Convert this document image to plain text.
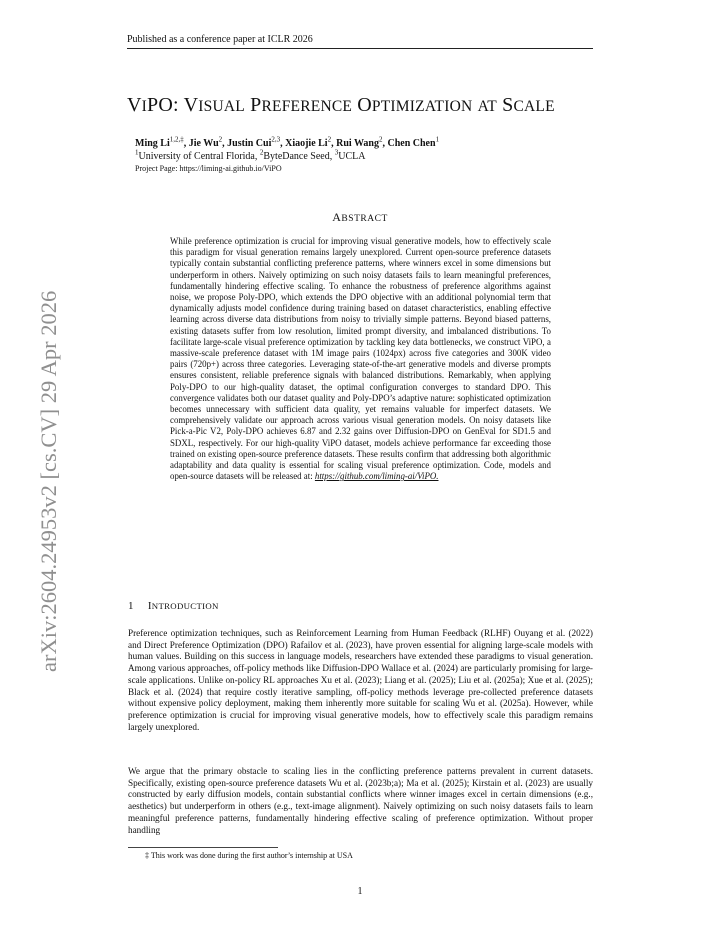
Published as a conference paper at ICLR 2026
arXiv:2604.24953v2 [cs.CV] 29 Apr 2026
VIPO: VISUAL PREFERENCE OPTIMIZATION AT SCALE
Ming $Li^{1,2,\ddagger}$, Jie Wu$^2$, Justin Cui$^{2,3}$, Xiaojie Li$^2$, Rui Wang$^2$, Chen Chen$^1$
$^1$University of Central Florida, $^2$ByteDance Seed, $^3$UCLA
Project Page: https://liming-ai.github.io/ViPO
ABSTRACT
While preference optimization is crucial for improving visual generative models, how to effectively scale this paradigm for visual generation remains largely unexplored. Current open-source preference datasets typically contain substantial conflicting preference patterns, where winners excel in some dimensions but underperform in others. Naively optimizing on such noisy datasets fails to learn meaningful preferences, fundamentally hindering effective scaling. To enhance the robustness of preference algorithms against noise, we propose Poly-DPO, which extends the DPO objective with an additional polynomial term that dynamically adjusts model confidence during training based on dataset characteristics, enabling effective learning across diverse data distributions from noisy to trivially simple patterns. Beyond biased patterns, existing datasets suffer from low resolution, limited prompt diversity, and imbalanced distributions. To facilitate large-scale visual preference optimization by tackling key data bottlenecks, we construct ViPO, a massive-scale preference dataset with 1M image pairs (1024px) across five categories and 300K video pairs (720p+) across three categories. Leveraging state-of-the-art generative models and diverse prompts ensures consistent, reliable preference signals with balanced distributions. Remarkably, when applying Poly-DPO to our high-quality dataset, the optimal configuration converges to standard DPO. This convergence validates both our dataset quality and Poly-DPO’s adaptive nature: sophisticated optimization becomes unnecessary with sufficient data quality, yet remains valuable for imperfect datasets. We comprehensively validate our approach across various visual generation models. On noisy datasets like Pick-a-Pic V2, Poly-DPO achieves 6.87 and 2.32 gains over Diffusion-DPO on GenEval for SD1.5 and SDXL, respectively. For our high-quality ViPO dataset, models achieve performance far exceeding those trained on existing open-source preference datasets. These results confirm that addressing both algorithmic adaptability and data quality is essential for scaling visual preference optimization. Code, models and open-source datasets will be released at: https://github.com/liming-ai/ViPO.
1 INTRODUCTION
Preference optimization techniques, such as Reinforcement Learning from Human Feedback (RLHF) Ouyang et al. (2022) and Direct Preference Optimization (DPO) Rafailov et al. (2023), have proven essential for aligning large-scale models with human values. Building on this success in language models, researchers have extended these paradigms to visual generation. Among various approaches, off-policy methods like Diffusion-DPO Wallace et al. (2024) are particularly promising for large-scale applications. Unlike on-policy RL approaches Xu et al. (2023); Liang et al. (2025); Liu et al. (2025a); Xue et al. (2025); Black et al. (2024) that require costly iterative sampling, off-policy methods leverage pre-collected preference datasets without expensive policy deployment, making them inherently more suitable for scaling Wu et al. (2025a). However, while preference optimization is crucial for improving visual generative models, how to effectively scale this paradigm remains largely unexplored.
We argue that the primary obstacle to scaling lies in the conflicting preference patterns prevalent in current datasets. Specifically, existing open-source preference datasets Wu et al. (2023b;a); Ma et al. (2025); Kirstain et al. (2023) are usually constructed by early diffusion models, contain substantial conflicts where winner images excel in certain dimensions (e.g., aesthetics) but underperform in others (e.g., text-image alignment). Naively optimizing on such noisy datasets fails to learn meaningful preference patterns, fundamentally hindering effective scaling of preference optimization. Without proper handling
‡ This work was done during the first author’s internship at USA
1
